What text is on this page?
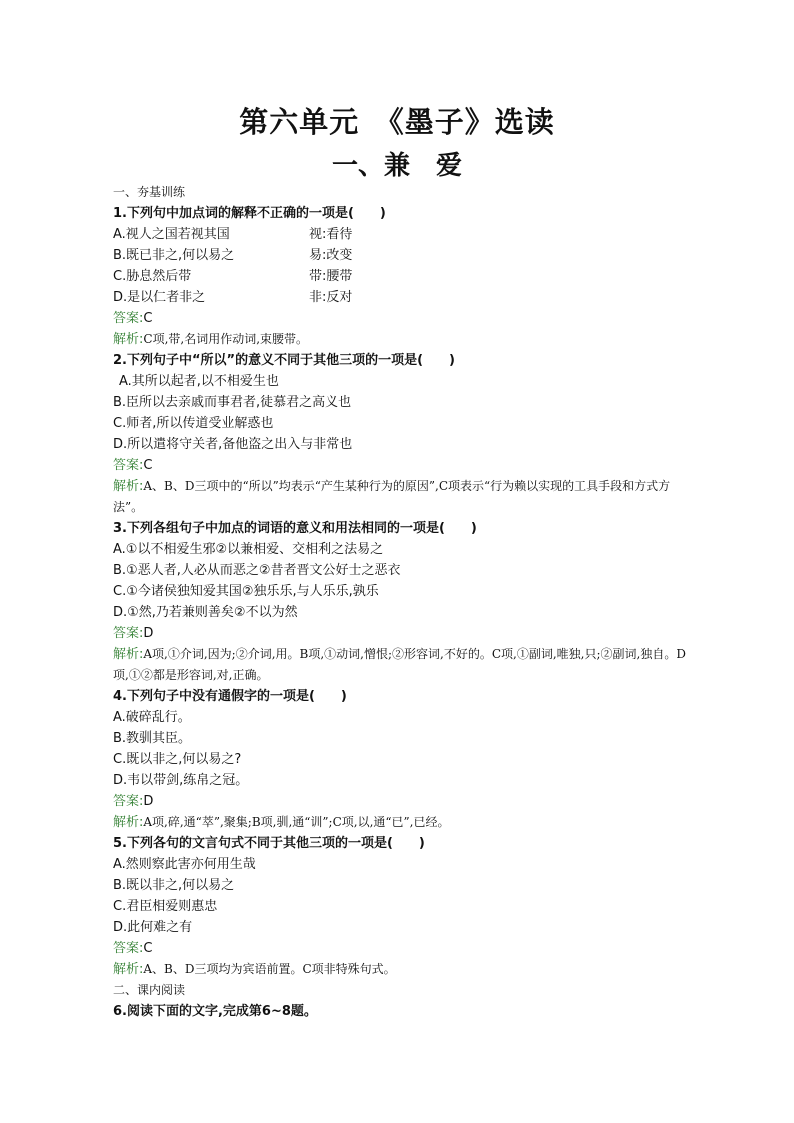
第六单元　《墨子》选读
一、兼　爱
一、夯基训练
1.下列句中加点词的解释不正确的一项是(　　)
A.视人之国若视其国	视:看待
B.既已非之,何以易之	易:改变
C.胁息然后带	带:腰带
D.是以仁者非之	非:反对
答案:C
解析:C项,带,名词用作动词,束腰带。
2.下列句子中“所以”的意义不同于其他三项的一项是(　　)
A.其所以起者,以不相爱生也
B.臣所以去亲戚而事君者,徒慕君之高义也
C.师者,所以传道受业解惑也
D.所以遣将守关者,备他盗之出入与非常也
答案:C
解析:A、B、D三项中的“所以”均表示“产生某种行为的原因”,C项表示“行为赖以实现的工具手段和方式方法”。
3.下列各组句子中加点的词语的意义和用法相同的一项是(　　)
A.①以不相爱生邪②以兼相爱、交相利之法易之
B.①恶人者,人必从而恶之②昔者晋文公好士之恶衣
C.①今诸侯独知爱其国②独乐乐,与人乐乐,孰乐
D.①然,乃若兼则善矣②不以为然
答案:D
解析:A项,①介词,因为;②介词,用。B项,①动词,憎恨;②形容词,不好的。C项,①副词,唯独,只;②副词,独自。D项,①②都是形容词,对,正确。
4.下列句子中没有通假字的一项是(　　)
A.破碎乱行。
B.教驯其臣。
C.既以非之,何以易之?
D.韦以带剑,练帛之冠。
答案:D
解析:A项,碎,通“萃”,聚集;B项,驯,通“训”;C项,以,通“已”,已经。
5.下列各句的文言句式不同于其他三项的一项是(　　)
A.然则察此害亦何用生哉
B.既以非之,何以易之
C.君臣相爱则惠忠
D.此何难之有
答案:C
解析:A、B、D三项均为宾语前置。C项非特殊句式。
二、课内阅读
6.阅读下面的文字,完成第6~8题。
